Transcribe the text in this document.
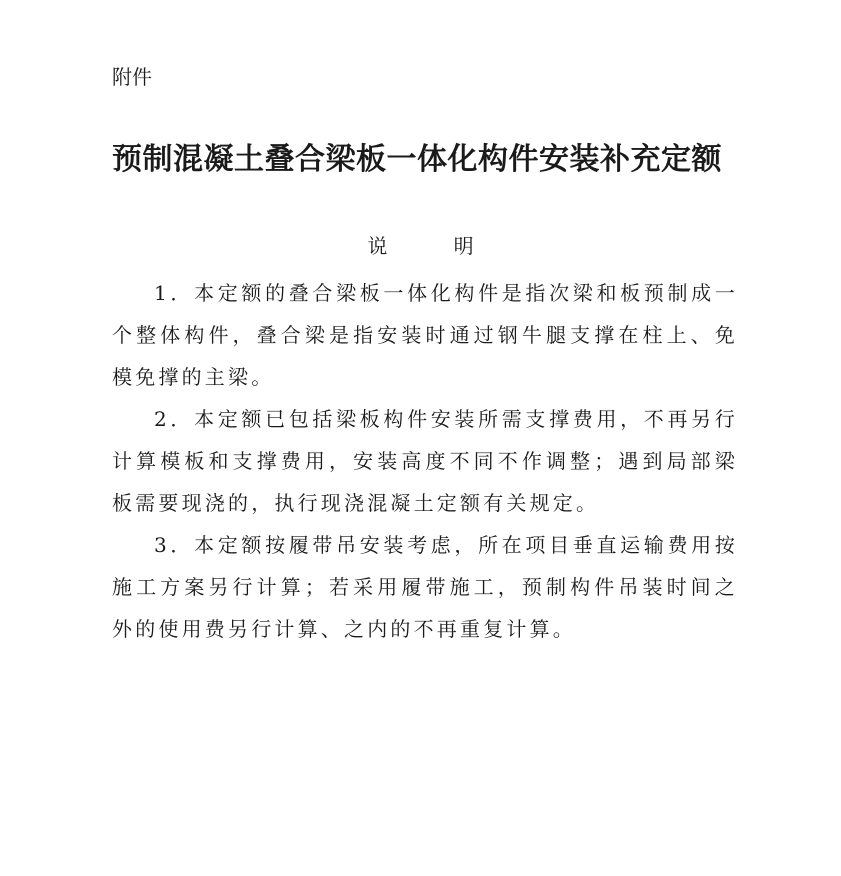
附件
预制混凝土叠合梁板一体化构件安装补充定额
说 明

1．本定额的叠合梁板一体化构件是指次梁和板预制成一个整体构件，叠合梁是指安装时通过钢牛腿支撑在柱上、免模免撑的主梁。

2．本定额已包括梁板构件安装所需支撑费用，不再另行计算模板和支撑费用，安装高度不同不作调整；遇到局部梁板需要现浇的，执行现浇混凝土定额有关规定。

3．本定额按履带吊安装考虑，所在项目垂直运输费用按施工方案另行计算；若采用履带施工，预制构件吊装时间之外的使用费另行计算、之内的不再重复计算。
